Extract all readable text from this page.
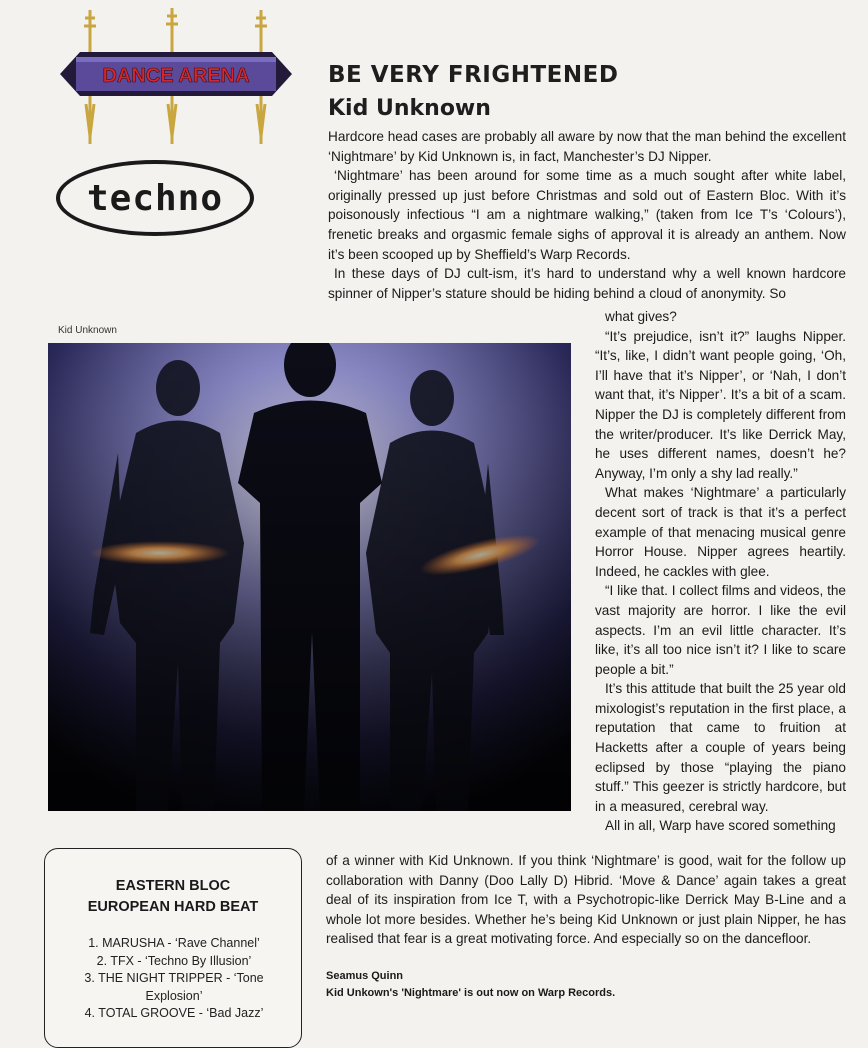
DANCE ARENA
techno
BE VERY FRIGHTENED
Kid Unknown

Hardcore head cases are probably all aware by now that the man behind the excellent ‘Nightmare’ by Kid Unknown is, in fact, Manchester’s DJ Nipper.

‘Nightmare’ has been around for some time as a much sought after white label, originally pressed up just before Christmas and sold out of Eastern Bloc. With it’s poisonously infectious “I am a nightmare walking,” (taken from Ice T’s ‘Colours’), frenetic breaks and orgasmic female sighs of approval it is already an anthem. Now it’s been scooped up by Sheffield’s Warp Records.

In these days of DJ cult-ism, it’s hard to understand why a well known hardcore spinner of Nipper’s stature should be hiding behind a cloud of anonymity. So

Kid Unknown

what gives?

“It’s prejudice, isn’t it?” laughs Nipper. “It’s, like, I didn’t want people going, ‘Oh, I’ll have that it’s Nipper’, or ‘Nah, I don’t want that, it’s Nipper’. It’s a bit of a scam. Nipper the DJ is completely different from the writer/producer. It’s like Derrick May, he uses different names, doesn’t he? Anyway, I’m only a shy lad really.”

What makes ‘Nightmare’ a particularly decent sort of track is that it’s a perfect example of that menacing musical genre Horror House. Nipper agrees heartily. Indeed, he cackles with glee.

“I like that. I collect films and videos, the vast majority are horror. I like the evil aspects. I’m an evil little character. It’s like, it’s all too nice isn’t it? I like to scare people a bit.”

It’s this attitude that built the 25 year old mixologist’s reputation in the first place, a reputation that came to fruition at Hacketts after a couple of years being eclipsed by those “playing the piano stuff.” This geezer is strictly hardcore, but in a measured, cerebral way.

All in all, Warp have scored something

of a winner with Kid Unknown. If you think ‘Nightmare’ is good, wait for the follow up collaboration with Danny (Doo Lally D) Hibrid. ‘Move & Dance’ again takes a great deal of its inspiration from Ice T, with a Psychotropic-like Derrick May B-Line and a whole lot more besides. Whether he’s being Kid Unknown or just plain Nipper, he has realised that fear is a great motivating force. And especially so on the dancefloor.

Seamus Quinn
Kid Unkown's 'Nightmare' is out now on Warp Records.
EASTERN BLOC
EUROPEAN HARD BEAT
1. MARUSHA - ‘Rave Channel’
2. TFX - ‘Techno By Illusion’
3. THE NIGHT TRIPPER - ‘Tone Explosion’
4. TOTAL GROOVE - ‘Bad Jazz’
